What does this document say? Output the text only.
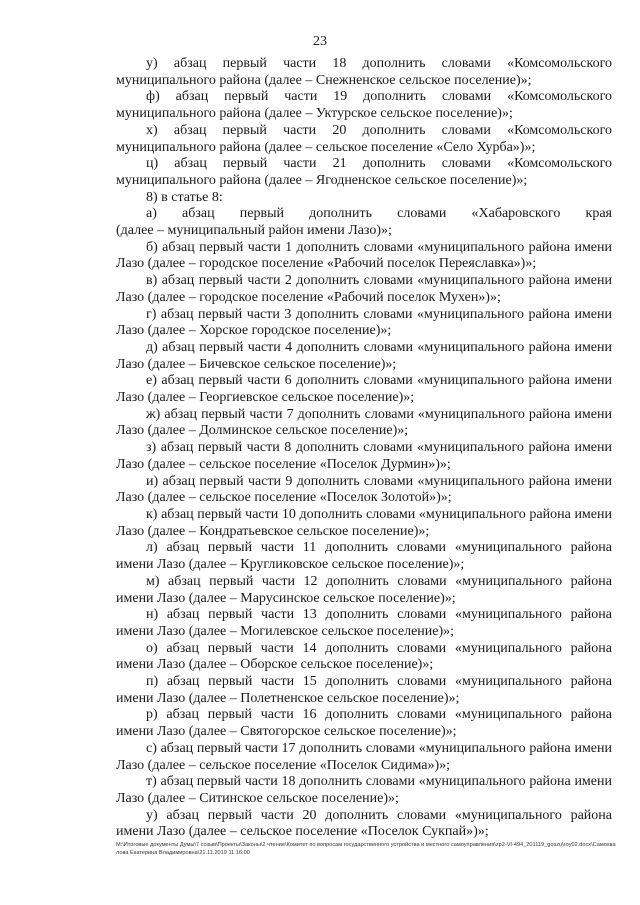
23

у) абзац первый части 18 дополнить словами «Комсомольского
муниципального района (далее – Снежненское сельское поселение)»;

ф) абзац первый части 19 дополнить словами «Комсомольского
муниципального района (далее – Уктурское сельское поселение)»;

х) абзац первый части 20 дополнить словами «Комсомольского
муниципального района (далее – сельское поселение «Село Хурба»)»;

ц) абзац первый части 21 дополнить словами «Комсомольского
муниципального района (далее – Ягодненское сельское поселение)»;

8) в статье 8:

а) абзац первый дополнить словами «Хабаровского края
(далее – муниципальный район имени Лазо)»;

б) абзац первый части 1 дополнить словами «муниципального района имени
Лазо (далее – городское поселение «Рабочий поселок Переяславка»)»;

в) абзац первый части 2 дополнить словами «муниципального района имени
Лазо (далее – городское поселение «Рабочий поселок Мухен»)»;

г) абзац первый части 3 дополнить словами «муниципального района имени
Лазо (далее – Хорское городское поселение)»;

д) абзац первый части 4 дополнить словами «муниципального района имени
Лазо (далее – Бичевское сельское поселение)»;

е) абзац первый части 6 дополнить словами «муниципального района имени
Лазо (далее – Георгиевское сельское поселение)»;

ж) абзац первый части 7 дополнить словами «муниципального района имени
Лазо (далее – Долминское сельское поселение)»;

з) абзац первый части 8 дополнить словами «муниципального района имени
Лазо (далее – сельское поселение «Поселок Дурмин»)»;

и) абзац первый части 9 дополнить словами «муниципального района имени
Лазо (далее – сельское поселение «Поселок Золотой»)»;

к) абзац первый части 10 дополнить словами «муниципального района имени
Лазо (далее – Кондратьевское сельское поселение)»;

л) абзац первый части 11 дополнить словами «муниципального района
имени Лазо (далее – Кругликовское сельское поселение)»;

м) абзац первый части 12 дополнить словами «муниципального района
имени Лазо (далее – Марусинское сельское поселение)»;

н) абзац первый части 13 дополнить словами «муниципального района
имени Лазо (далее – Могилевское сельское поселение)»;

о) абзац первый части 14 дополнить словами «муниципального района
имени Лазо (далее – Оборское сельское поселение)»;

п) абзац первый части 15 дополнить словами «муниципального района
имени Лазо (далее – Полетненское сельское поселение)»;

р) абзац первый части 16 дополнить словами «муниципального района
имени Лазо (далее – Святогорское сельское поселение)»;

с) абзац первый части 17 дополнить словами «муниципального района имени
Лазо (далее – сельское поселение «Поселок Сидима»)»;

т) абзац первый части 18 дополнить словами «муниципального района имени
Лазо (далее – Ситинское сельское поселение)»;

у) абзац первый части 20 дополнить словами «муниципального района
имени Лазо (далее – сельское поселение «Поселок Сукпай»)»;

M:\Итоговые документы Думы\7 созыв\Проекты\Законы\2 чтение\Комитет по вопросам государственного устройства и местного самоуправления\zp2-VI-494_201119_goszu\roy02.docx\Самохвалова Екатерина Владимировна\21.11.2019 11:16:00
